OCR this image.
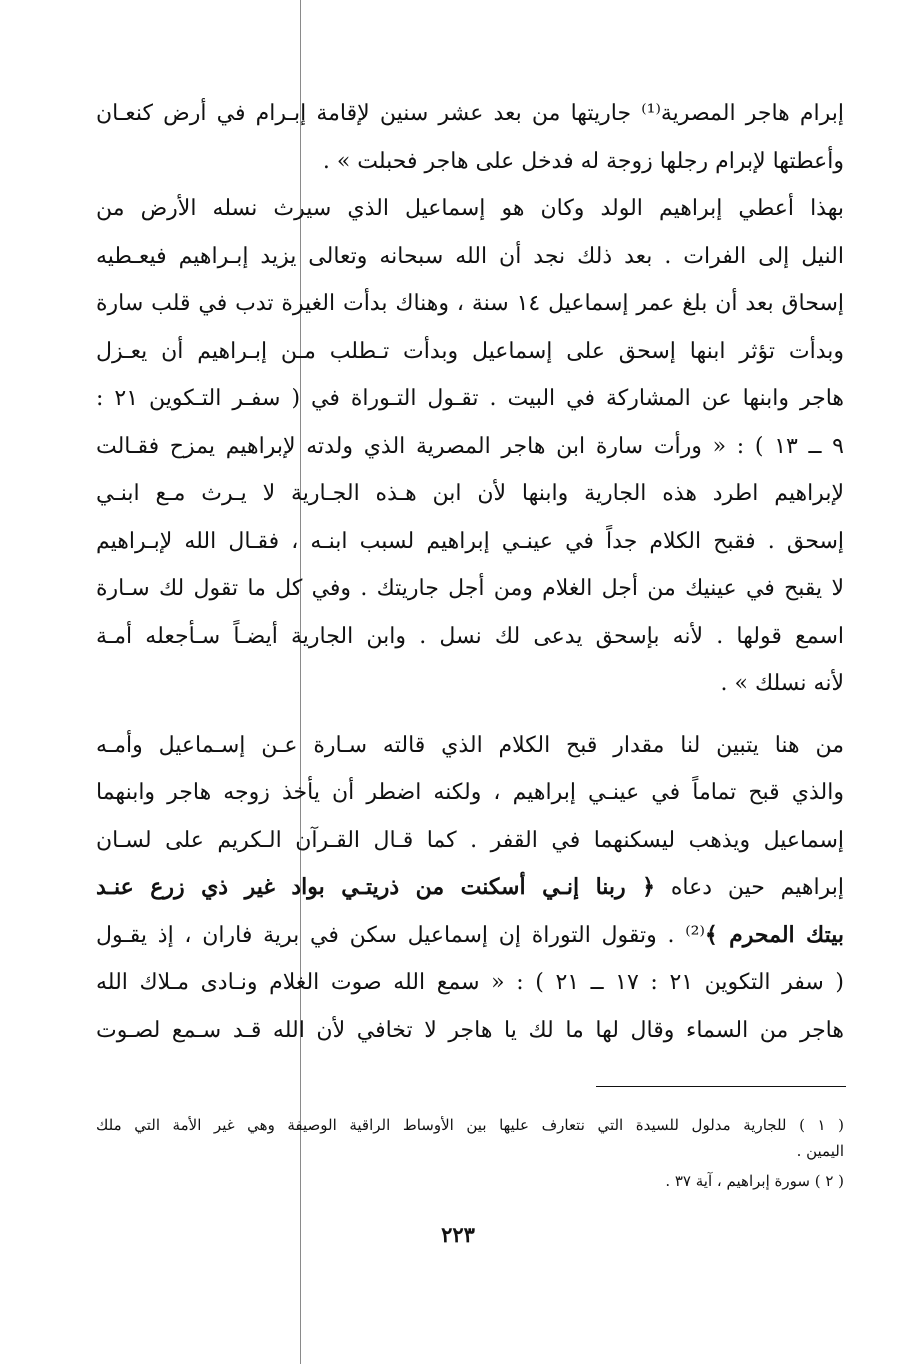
إبرام هاجر المصرية⁽¹⁾ جاريتها من بعد عشر سنين لإقامة إبـرام في أرض كنعـان
وأعطتها لإبرام رجلها زوجة له فدخل على هاجر فحبلت » .
بهذا أعطي إبراهيم الولد وكان هو إسماعيل الذي سيرث نسله الأرض من
النيل إلى الفرات . بعد ذلك نجد أن الله سبحانه وتعالى يزيد إبـراهيم فيعـطيه
إسحاق بعد أن بلغ عمر إسماعيل ١٤ سنة ، وهناك بدأت الغيرة تدب في قلب سارة
وبدأت تؤثر ابنها إسحق على إسماعيل وبدأت تـطلب مـن إبـراهيم أن يعـزل
هاجر وابنها عن المشاركة في البيت . تقـول التـوراة في ( سفـر التـكوين ٢١ :
٩ ــ ١٣ ) : « ورأت سارة ابن هاجر المصرية الذي ولدته لإبراهيم يمزح فقـالت
لإبراهيم اطرد هذه الجارية وابنها لأن ابن هـذه الجـارية لا يـرث مـع ابنـي
إسحق . فقبح الكلام جداً في عينـي إبراهيم لسبب ابنـه ، فقـال الله لإبـراهيم
لا يقبح في عينيك من أجل الغلام ومن أجل جاريتك . وفي كل ما تقول لك سـارة
اسمع قولها . لأنه بإسحق يدعى لك نسل . وابن الجارية أيضـاً سـأجعله أمـة
لأنه نسلك » .
من هنا يتبين لنا مقدار قبح الكلام الذي قالته سـارة عـن إسـماعيل وأمـه
والذي قبح تماماً في عينـي إبراهيم ، ولكنه اضطر أن يأخذ زوجه هاجر وابنهما
إسماعيل ويذهب ليسكنهما في القفر . كما قـال القـرآن الـكريم على لسـان
إبراهيم حين دعاه ﴿ ربنا إنـي أسكنت من ذريتـي بواد غير ذي زرع عنـد
بيتك المحرم ﴾⁽²⁾ . وتقول التوراة إن إسماعيل سكن في برية فاران ، إذ يقـول
( سفر التكوين ٢١ : ١٧ ــ ٢١ ) : « سمع الله صوت الغلام ونـادى مـلاك الله
هاجر من السماء وقال لها ما لك يا هاجر لا تخافي لأن الله قـد سـمع لصـوت
( ١ ) للجارية مدلول للسيدة التي نتعارف عليها بين الأوساط الراقية الوصيفة وهي غير الأمة التي ملك
اليمين .
( ٢ ) سورة إبراهيم ، آية ٣٧ .
٢٢٣
